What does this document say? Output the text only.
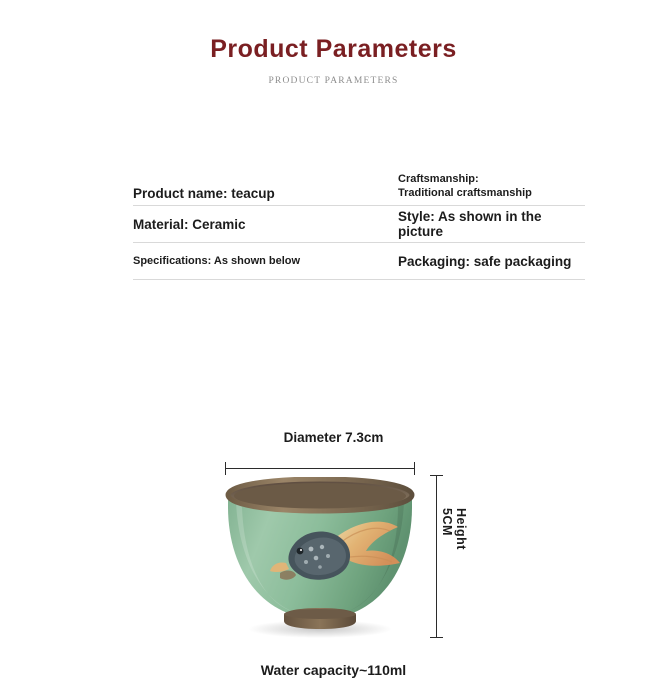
Product Parameters
PRODUCT PARAMETERS
Product name: teacup
Craftsmanship:
Traditional craftsmanship
Material: Ceramic	Style: As shown in the picture
Specifications: As shown below	Packaging: safe packaging
Diameter 7.3cm
Height 5CM
Water capacity~110ml
